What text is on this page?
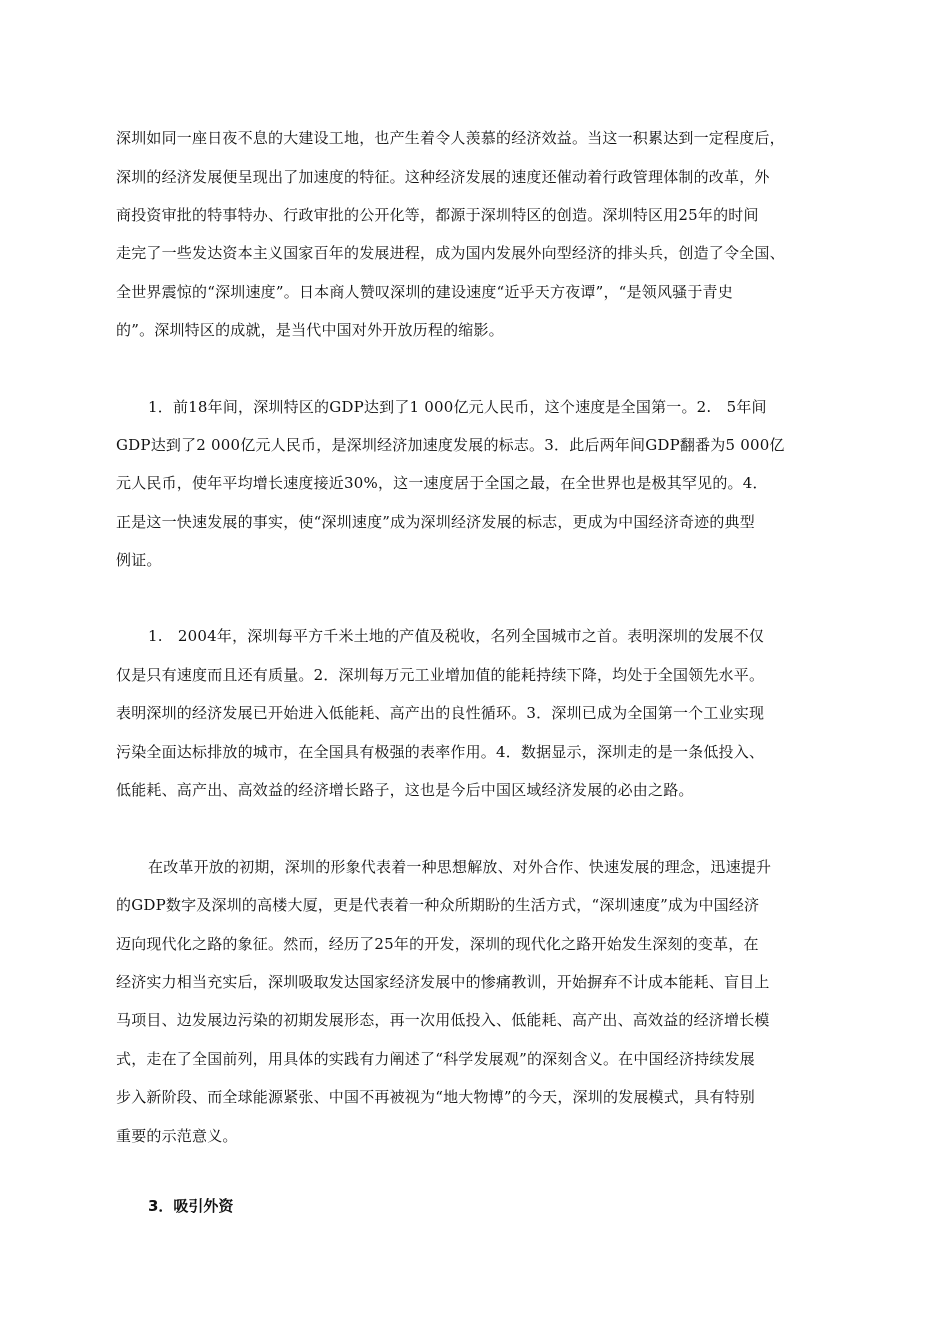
深圳如同一座日夜不息的大建设工地，也产生着令人羡慕的经济效益。当这一积累达到一定程度后，
深圳的经济发展便呈现出了加速度的特征。这种经济发展的速度还催动着行政管理体制的改革，外
商投资审批的特事特办、行政审批的公开化等，都源于深圳特区的创造。深圳特区用25年的时间
走完了一些发达资本主义国家百年的发展进程，成为国内发展外向型经济的排头兵，创造了令全国、
全世界震惊的“深圳速度”。日本商人赞叹深圳的建设速度“近乎天方夜谭”，“是领风骚于青史
的”。深圳特区的成就，是当代中国对外开放历程的缩影。
1．前18年间，深圳特区的GDP达到了1 000亿元人民币，这个速度是全国第一。2.　5年间
GDP达到了2 000亿元人民币，是深圳经济加速度发展的标志。3．此后两年间GDP翻番为5 000亿
元人民币，使年平均增长速度接近30%，这一速度居于全国之最，在全世界也是极其罕见的。4．
正是这一快速发展的事实，使“深圳速度”成为深圳经济发展的标志，更成为中国经济奇迹的典型
例证。
1.　2004年，深圳每平方千米土地的产值及税收，名列全国城市之首。表明深圳的发展不仅
仅是只有速度而且还有质量。2．深圳每万元工业增加值的能耗持续下降，均处于全国领先水平。
表明深圳的经济发展已开始进入低能耗、高产出的良性循环。3．深圳已成为全国第一个工业实现
污染全面达标排放的城市，在全国具有极强的表率作用。4．数据显示，深圳走的是一条低投入、
低能耗、高产出、高效益的经济增长路子，这也是今后中国区域经济发展的必由之路。
在改革开放的初期，深圳的形象代表着一种思想解放、对外合作、快速发展的理念，迅速提升
的GDP数字及深圳的高楼大厦，更是代表着一种众所期盼的生活方式，“深圳速度”成为中国经济
迈向现代化之路的象征。然而，经历了25年的开发，深圳的现代化之路开始发生深刻的变革，在
经济实力相当充实后，深圳吸取发达国家经济发展中的惨痛教训，开始摒弃不计成本能耗、盲目上
马项目、边发展边污染的初期发展形态，再一次用低投入、低能耗、高产出、高效益的经济增长模
式，走在了全国前列，用具体的实践有力阐述了“科学发展观”的深刻含义。在中国经济持续发展
步入新阶段、而全球能源紧张、中国不再被视为“地大物博”的今天，深圳的发展模式，具有特别
重要的示范意义。
3．吸引外资
